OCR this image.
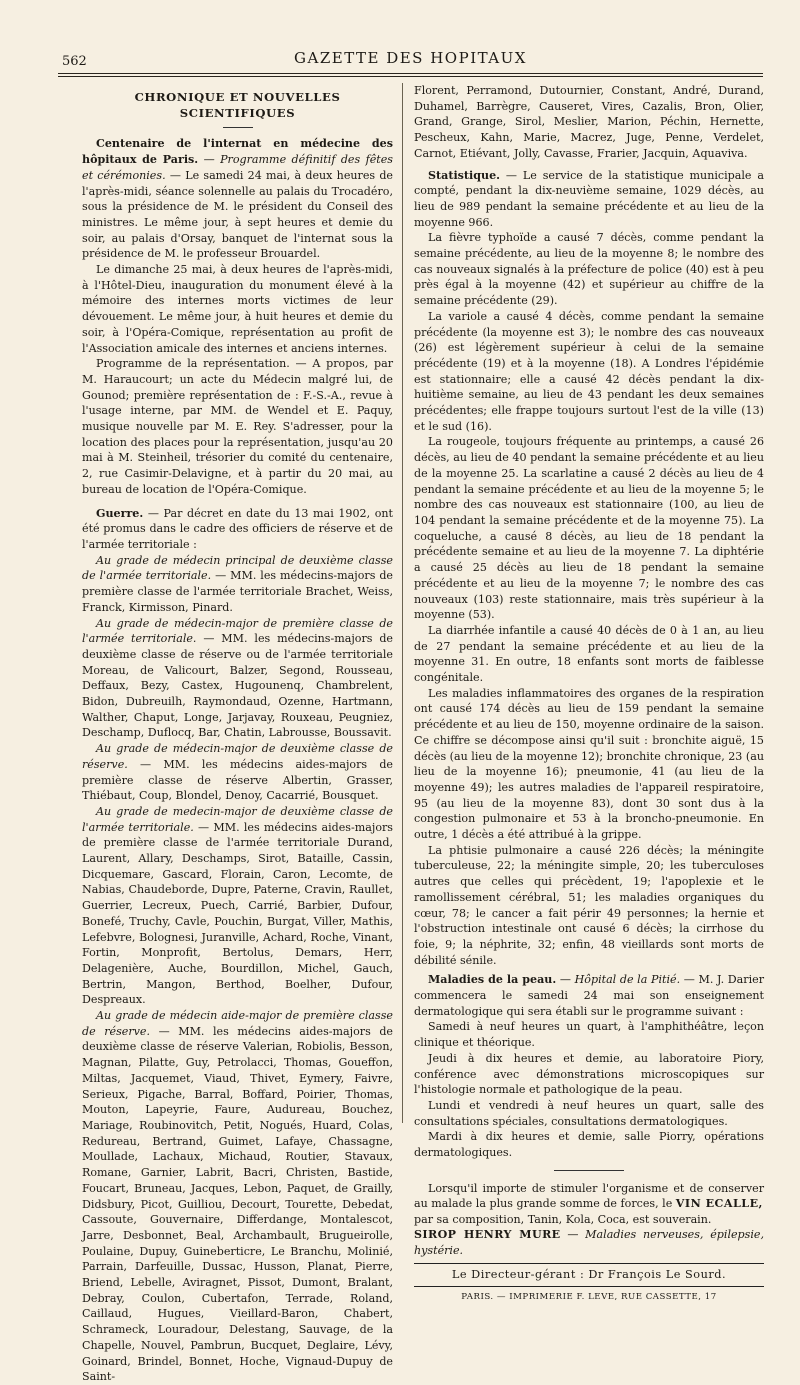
562	GAZETTE DES HOPITAUX
CHRONIQUE ET NOUVELLES SCIENTIFIQUES

Centenaire de l'internat en médecine des hôpitaux de Paris. — Programme définitif des fêtes et cérémonies. — Le samedi 24 mai, à deux heures de l'après-midi, séance solennelle au palais du Trocadéro, sous la présidence de M. le président du Conseil des ministres. Le même jour, à sept heures et demie du soir, au palais d'Orsay, banquet de l'internat sous la présidence de M. le professeur Brouardel.

Le dimanche 25 mai, à deux heures de l'après-midi, à l'Hôtel-Dieu, inauguration du monument élevé à la mémoire des internes morts victimes de leur dévouement. Le même jour, à huit heures et demie du soir, à l'Opéra-Comique, représentation au profit de l'Association amicale des internes et anciens internes.

Programme de la représentation. — A propos, par M. Haraucourt; un acte du Médecin malgré lui, de Gounod; première représentation de : F.-S.-A., revue à l'usage interne, par MM. de Wendel et E. Paquy, musique nouvelle par M. E. Rey. S'adresser, pour la location des places pour la représentation, jusqu'au 20 mai à M. Steinheil, trésorier du comité du centenaire, 2, rue Casimir-Delavigne, et à partir du 20 mai, au bureau de location de l'Opéra-Comique.

Guerre. — Par décret en date du 13 mai 1902, ont été promus dans le cadre des officiers de réserve et de l'armée territoriale :

Au grade de médecin principal de deuxième classe de l'armée territoriale. — MM. les médecins-majors de première classe de l'armée territoriale Brachet, Weiss, Franck, Kirmisson, Pinard.

Au grade de médecin-major de première classe de l'armée territoriale. — MM. les médecins-majors de deuxième classe de réserve ou de l'armée territoriale Moreau, de Valicourt, Balzer, Segond, Rousseau, Deffaux, Bezy, Castex, Hugounenq, Chambrelent, Bidon, Dubreuilh, Raymondaud, Ozenne, Hartmann, Walther, Chaput, Longe, Jarjavay, Rouxeau, Peugniez, Deschamp, Duflocq, Bar, Chatin, Labrousse, Boussavit.

Au grade de médecin-major de deuxième classe de réserve. — MM. les médecins aides-majors de première classe de réserve Albertin, Grasser, Thiébaut, Coup, Blondel, Denoy, Cacarrié, Bousquet.

Au grade de medecin-major de deuxième classe de l'armée territoriale. — MM. les médecins aides-majors de première classe de l'armée territoriale Durand, Laurent, Allary, Deschamps, Sirot, Bataille, Cassin, Dicquemare, Gascard, Florain, Caron, Lecomte, de Nabias, Chaudeborde, Dupre, Paterne, Cravin, Raullet, Guerrier, Lecreux, Puech, Carrié, Barbier, Dufour, Bonefé, Truchy, Cavle, Pouchin, Burgat, Viller, Mathis, Lefebvre, Bolognesi, Juranville, Achard, Roche, Vinant, Fortin, Monprofit, Bertolus, Demars, Herr, Delagenière, Auche, Bourdillon, Michel, Gauch, Bertrin, Mangon, Berthod, Boelher, Dufour, Despreaux.

Au grade de médecin aide-major de première classe de réserve. — MM. les médecins aides-majors de deuxième classe de réserve Valerian, Robiolis, Besson, Magnan, Pilatte, Guy, Petrolacci, Thomas, Goueffon, Miltas, Jacquemet, Viaud, Thivet, Eymery, Faivre, Serieux, Pigache, Barral, Boffard, Poirier, Thomas, Mouton, Lapeyrie, Faure, Audureau, Bouchez, Mariage, Roubinovitch, Petit, Nogués, Huard, Colas, Redureau, Bertrand, Guimet, Lafaye, Chassagne, Moullade, Lachaux, Michaud, Routier, Stavaux, Romane, Garnier, Labrit, Bacri, Christen, Bastide, Foucart, Bruneau, Jacques, Lebon, Paquet, de Grailly, Didsbury, Picot, Guilliou, Decourt, Tourette, Debedat, Cassoute, Gouvernaire, Differdange, Montalescot, Jarre, Desbonnet, Beal, Archambault, Brugueirolle, Poulaine, Dupuy, Guineberticre, Le Branchu, Molinié, Parrain, Darfeuille, Dussac, Husson, Planat, Pierre, Briend, Lebelle, Aviragnet, Pissot, Dumont, Bralant, Debray, Coulon, Cubertafon, Terrade, Roland, Caillaud, Hugues, Vieillard-Baron, Chabert, Schrameck, Louradour, Delestang, Sauvage, de la Chapelle, Nouvel, Pambrun, Bucquet, Deglaire, Lévy, Goinard, Brindel, Bonnet, Hoche, Vignaud-Dupuy de Saint-

Florent, Perramond, Dutournier, Constant, André, Durand, Duhamel, Barrègre, Causeret, Vires, Cazalis, Bron, Olier, Grand, Grange, Sirol, Meslier, Marion, Péchin, Hernette, Pescheux, Kahn, Marie, Macrez, Juge, Penne, Verdelet, Carnot, Etiévant, Jolly, Cavasse, Frarier, Jacquin, Aquaviva.

Statistique. — Le service de la statistique municipale a compté, pendant la dix-neuvième semaine, 1029 décès, au lieu de 989 pendant la semaine précédente et au lieu de la moyenne 966.

La fièvre typhoïde a causé 7 décès, comme pendant la semaine précédente, au lieu de la moyenne 8; le nombre des cas nouveaux signalés à la préfecture de police (40) est à peu près égal à la moyenne (42) et supérieur au chiffre de la semaine précédente (29).

La variole a causé 4 décès, comme pendant la semaine précédente (la moyenne est 3); le nombre des cas nouveaux (26) est légèrement supérieur à celui de la semaine précédente (19) et à la moyenne (18). A Londres l'épidémie est stationnaire; elle a causé 42 décès pendant la dix-huitième semaine, au lieu de 43 pendant les deux semaines précédentes; elle frappe toujours surtout l'est de la ville (13) et le sud (16).

La rougeole, toujours fréquente au printemps, a causé 26 décès, au lieu de 40 pendant la semaine précédente et au lieu de la moyenne 25. La scarlatine a causé 2 décès au lieu de 4 pendant la semaine précédente et au lieu de la moyenne 5; le nombre des cas nouveaux est stationnaire (100, au lieu de 104 pendant la semaine précédente et de la moyenne 75). La coqueluche, a causé 8 décès, au lieu de 18 pendant la précédente semaine et au lieu de la moyenne 7. La diphtérie a causé 25 décès au lieu de 18 pendant la semaine précédente et au lieu de la moyenne 7; le nombre des cas nouveaux (103) reste stationnaire, mais très supérieur à la moyenne (53).

La diarrhée infantile a causé 40 décès de 0 à 1 an, au lieu de 27 pendant la semaine précédente et au lieu de la moyenne 31. En outre, 18 enfants sont morts de faiblesse congénitale.

Les maladies inflammatoires des organes de la respiration ont causé 174 décès au lieu de 159 pendant la semaine précédente et au lieu de 150, moyenne ordinaire de la saison. Ce chiffre se décompose ainsi qu'il suit : bronchite aiguë, 15 décès (au lieu de la moyenne 12); bronchite chronique, 23 (au lieu de la moyenne 16); pneumonie, 41 (au lieu de la moyenne 49); les autres maladies de l'appareil respiratoire, 95 (au lieu de la moyenne 83), dont 30 sont dus à la congestion pulmonaire et 53 à la broncho-pneumonie. En outre, 1 décès a été attribué à la grippe.

La phtisie pulmonaire a causé 226 décès; la méningite tuberculeuse, 22; la méningite simple, 20; les tuberculoses autres que celles qui précèdent, 19; l'apoplexie et le ramollissement cérébral, 51; les maladies organiques du cœur, 78; le cancer a fait périr 49 personnes; la hernie et l'obstruction intestinale ont causé 6 décès; la cirrhose du foie, 9; la néphrite, 32; enfin, 48 vieillards sont morts de débilité sénile.

Maladies de la peau. — Hôpital de la Pitié. — M. J. Darier commencera le samedi 24 mai son enseignement dermatologique qui sera établi sur le programme suivant :

Samedi à neuf heures un quart, à l'amphithéâtre, leçon clinique et théorique.

Jeudi à dix heures et demie, au laboratoire Piory, conférence avec démonstrations microscopiques sur l'histologie normale et pathologique de la peau.

Lundi et vendredi à neuf heures un quart, salle des consultations spéciales, consultations dermatologiques.

Mardi à dix heures et demie, salle Piorry, opérations dermatologiques.

Lorsqu'il importe de stimuler l'organisme et de conserver au malade la plus grande somme de forces, le VIN ECALLE,

par sa composition, Tanin, Kola, Coca, est souverain.

SIROP HENRY MURE — Maladies nerveuses, épilepsie, hystérie.

Le Directeur-gérant : Dr François Le Sourd.

PARIS. — IMPRIMERIE F. LEVE, RUE CASSETTE, 17
